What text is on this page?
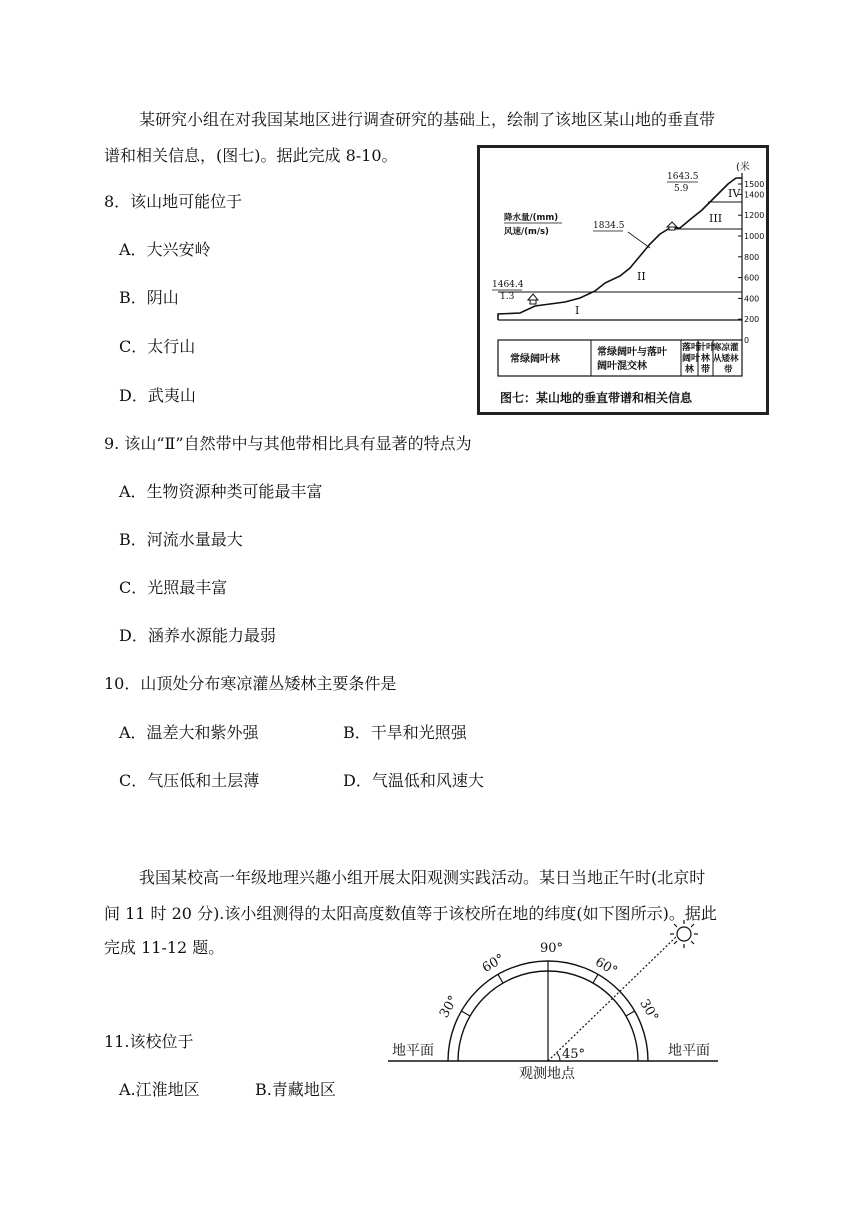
某研究小组在对我国某地区进行调查研究的基础上，绘制了该地区某山地的垂直带
谱和相关信息，(图七)。据此完成 8-10。
8．该山地可能位于
A．大兴安岭
B．阴山
C．太行山
D．武夷山
(米
1500
1400
1200
1000
800
600
400
200
0
I
II
III
IV
1464.4
1.3
1834.5
1643.5
5.9
降水量/(mm)
风速/(m/s)
常绿阔叶林
常绿阔叶与落叶
阔叶混交林
落叶
阔叶
林
针叶
林
带
寒凉灌
从矮林
带
图七：某山地的垂直带谱和相关信息
9. 该山“Ⅱ”自然带中与其他带相比具有显著的特点为
A．生物资源种类可能最丰富
B．河流水量最大
C．光照最丰富
D．涵养水源能力最弱
10．山顶处分布寒凉灌丛矮林主要条件是
A．温差大和紫外强	B．干旱和光照强
C．气压低和土层薄	D．气温低和风速大
我国某校高一年级地理兴趣小组开展太阳观测实践活动。某日当地正午时(北京时
间 11 时 20 分).该小组测得的太阳高度数值等于该校所在地的纬度(如下图所示)。据此
完成 11-12 题。	90°
60°	60°
30°	30°
45°
地平面	地平面
观测地点
11.该校位于
A.江淮地区	B.青藏地区
